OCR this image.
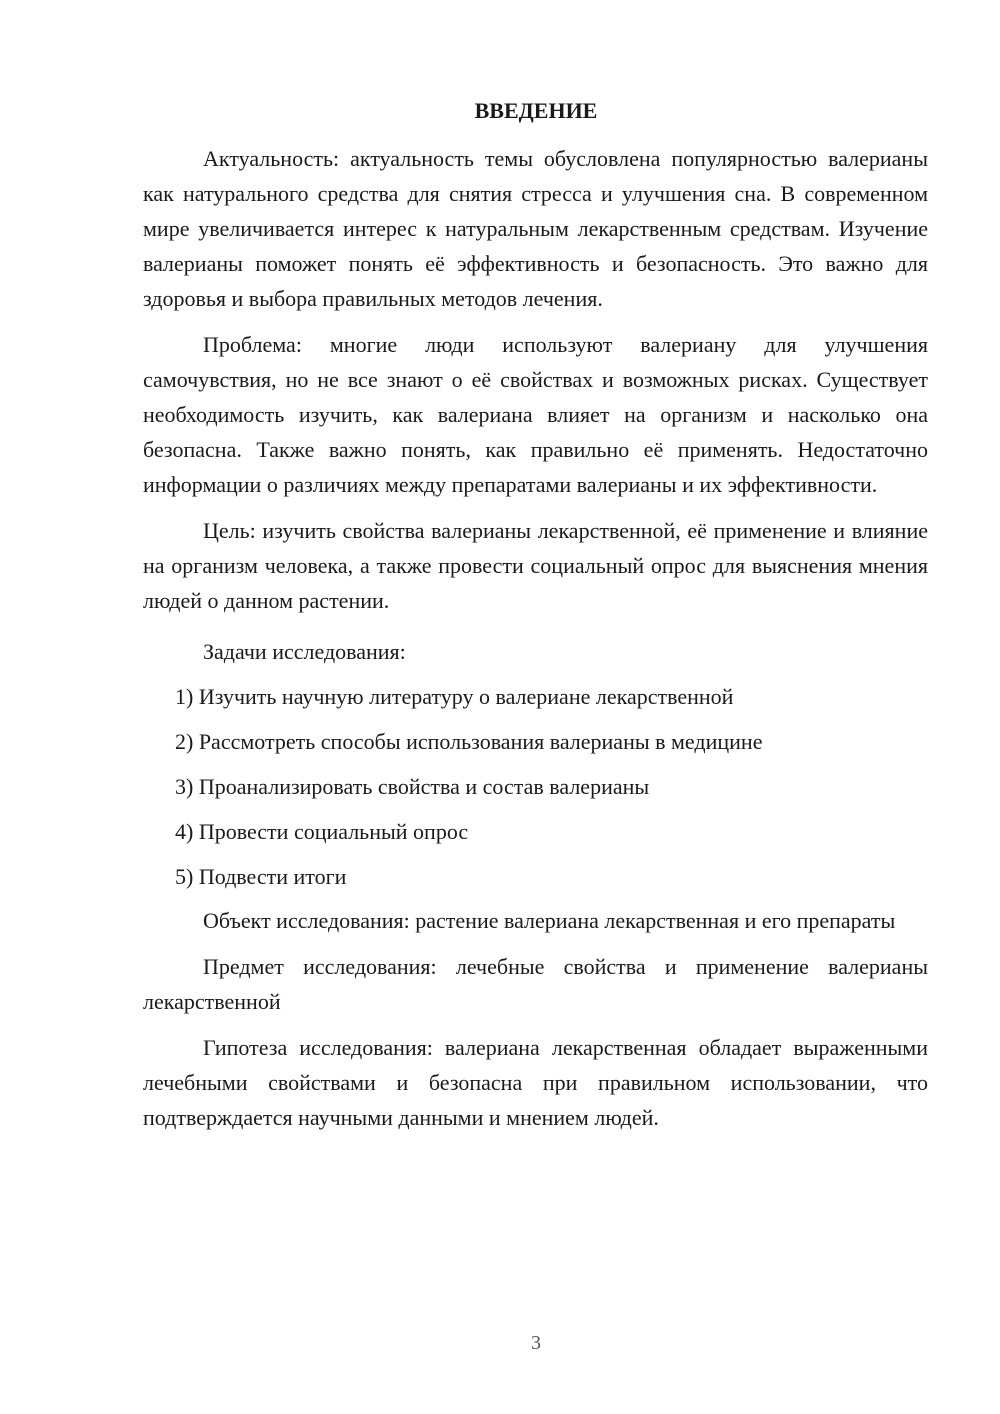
ВВЕДЕНИЕ

Актуальность: актуальность темы обусловлена популярностью валерианы как натурального средства для снятия стресса и улучшения сна. В современном мире увеличивается интерес к натуральным лекарственным средствам. Изучение валерианы поможет понять её эффективность и безопасность. Это важно для здоровья и выбора правильных методов лечения.

Проблема: многие люди используют валериану для улучшения самочувствия, но не все знают о её свойствах и возможных рисках. Существует необходимость изучить, как валериана влияет на организм и насколько она безопасна. Также важно понять, как правильно её применять. Недостаточно информации о различиях между препаратами валерианы и их эффективности.

Цель: изучить свойства валерианы лекарственной, её применение и влияние на организм человека, а также провести социальный опрос для выяснения мнения людей о данном растении.

Задачи исследования:

1) Изучить научную литературу о валериане лекарственной

2) Рассмотреть способы использования валерианы в медицине

3) Проанализировать свойства и состав валерианы

4) Провести социальный опрос

5) Подвести итоги

Объект исследования: растение валериана лекарственная и его препараты

Предмет исследования: лечебные свойства и применение валерианы лекарственной

Гипотеза исследования: валериана лекарственная обладает выраженными лечебными свойствами и безопасна при правильном использовании, что подтверждается научными данными и мнением людей.

3
